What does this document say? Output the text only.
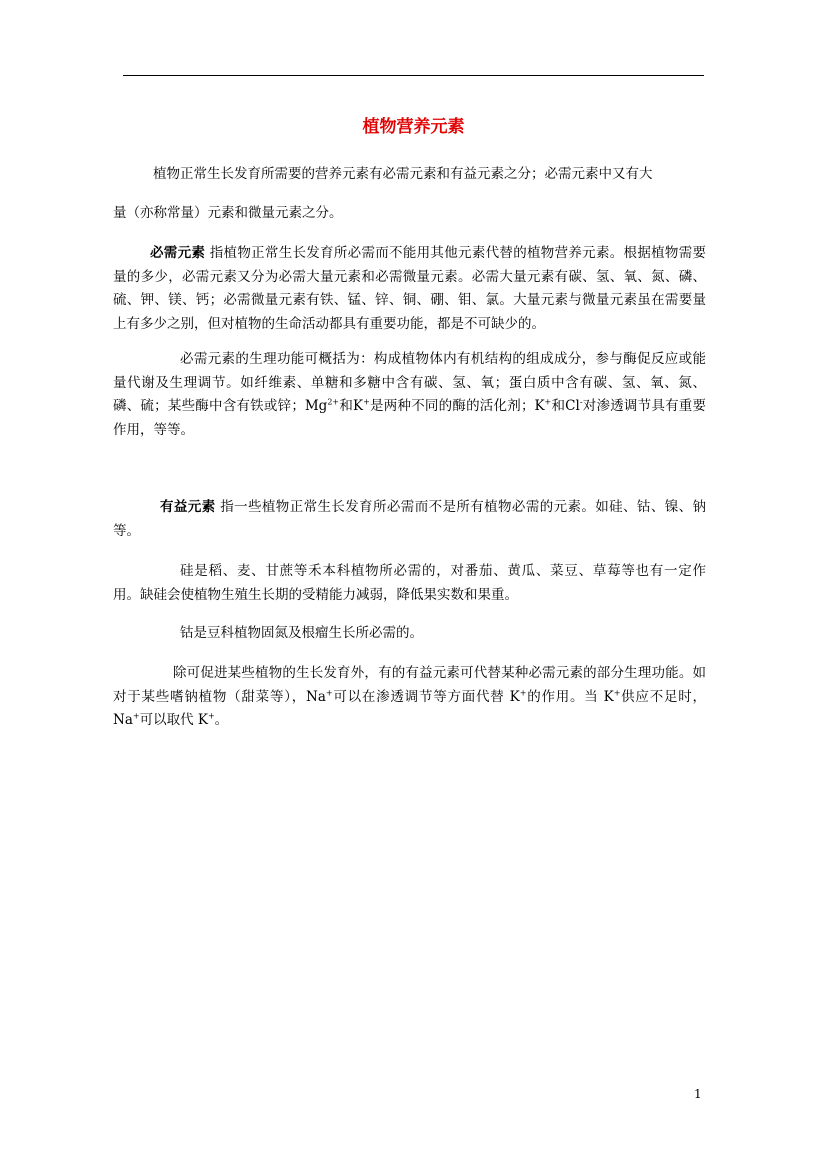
植物营养元素
植物正常生长发育所需要的营养元素有必需元素和有益元素之分；必需元素中又有大
量（亦称常量）元素和微量元素之分。

必需元素 指植物正常生长发育所必需而不能用其他元素代替的植物营养元素。根据植物需要量的多少，必需元素又分为必需大量元素和必需微量元素。必需大量元素有碳、氢、氧、氮、磷、硫、钾、镁、钙；必需微量元素有铁、锰、锌、铜、硼、钼、氯。大量元素与微量元素虽在需要量上有多少之别，但对植物的生命活动都具有重要功能，都是不可缺少的。

必需元素的生理功能可概括为：构成植物体内有机结构的组成成分，参与酶促反应或能量代谢及生理调节。如纤维素、单糖和多糖中含有碳、氢、氧；蛋白质中含有碳、氢、氧、氮、磷、硫；某些酶中含有铁或锌；$Mg^{2+}$和K+是两种不同的酶的活化剂；K+和Cl-对渗透调节具有重要作用，等等。

有益元素 指一些植物正常生长发育所必需而不是所有植物必需的元素。如硅、钴、镍、钠等。

硅是稻、麦、甘蔗等禾本科植物所必需的，对番茄、黄瓜、菜豆、草莓等也有一定作用。缺硅会使植物生殖生长期的受精能力减弱，降低果实数和果重。

钴是豆科植物固氮及根瘤生长所必需的。

除可促进某些植物的生长发育外，有的有益元素可代替某种必需元素的部分生理功能。如对于某些嗜钠植物（甜菜等），Na+可以在渗透调节等方面代替 K+的作用。当 K+供应不足时，Na+可以取代 K+。

1
